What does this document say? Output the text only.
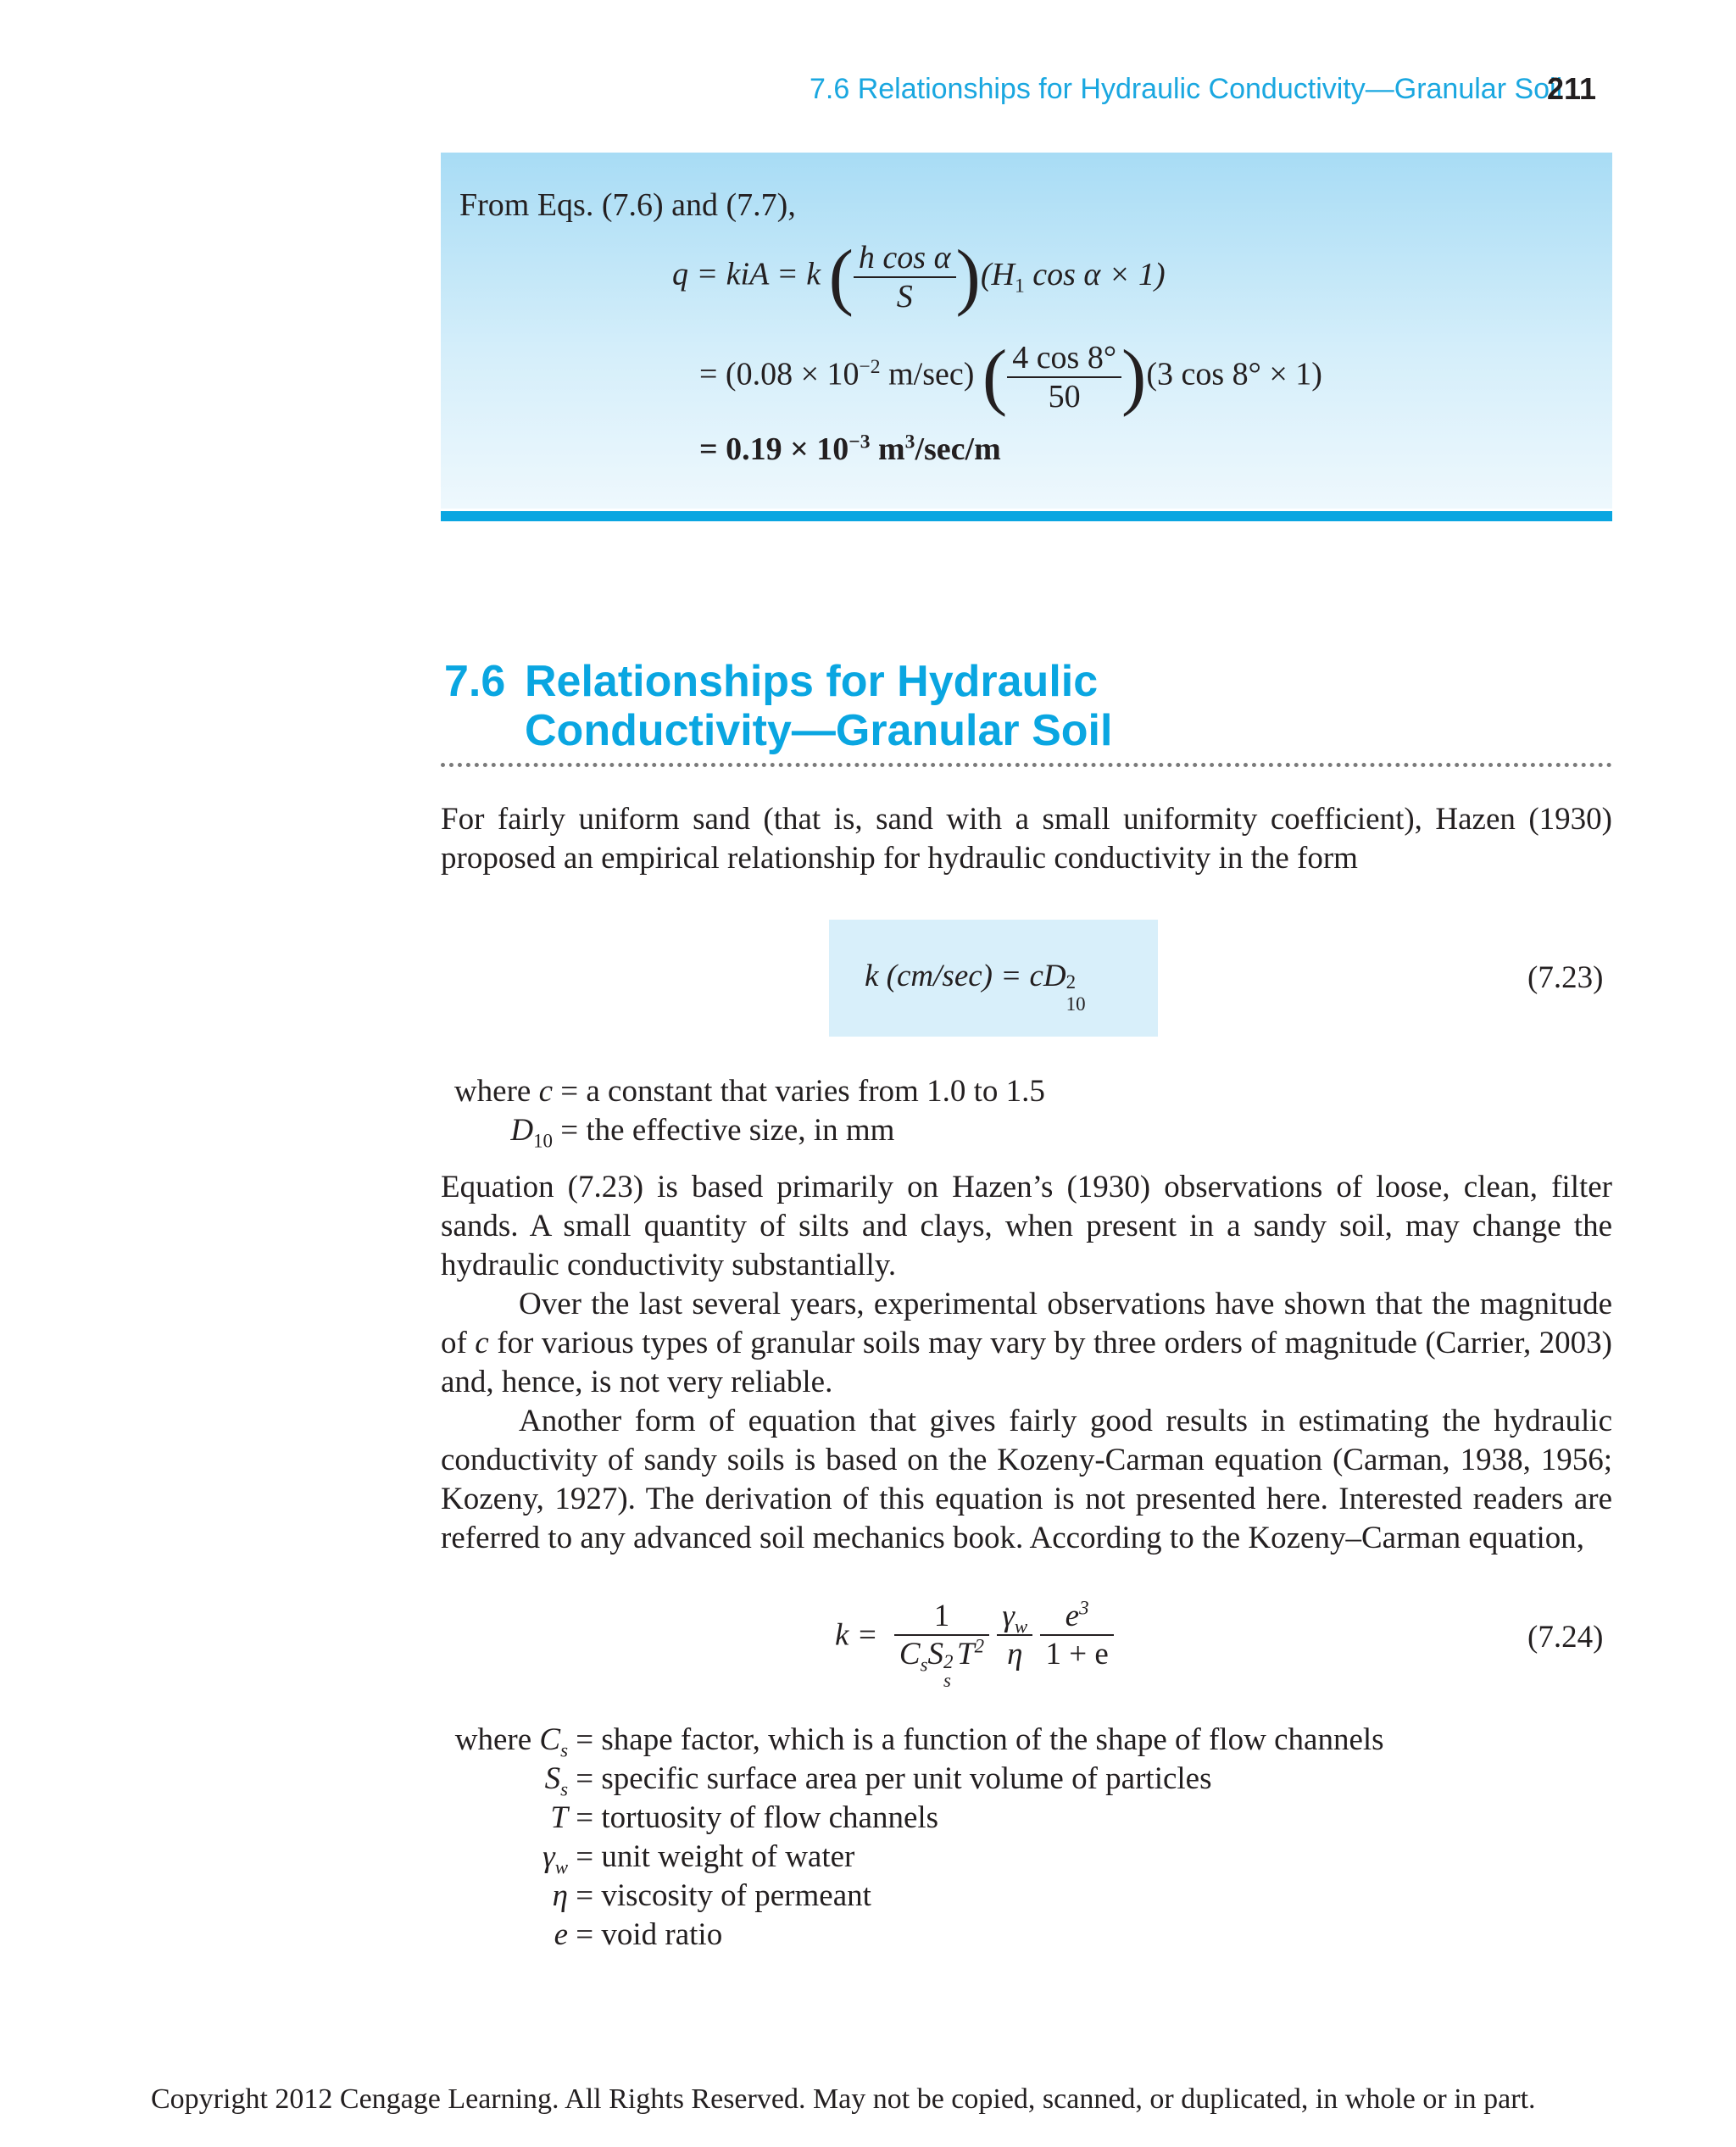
7.6 Relationships for Hydraulic Conductivity—Granular Soil
211
From Eqs. (7.6) and (7.7),
q = kiA = k ( $\frac{\text{h cos α}}{S} )(H_1$ cos α × 1)
= ($0.08 \times 10^{-2}$ m/sec) ( $\frac{4 \cos 8^\circ}{50} )(3$ cos 8° × 1)
= $0.19 \times 10^{-3}$ $m^3/\sec/m$
7.6 Relationships for Hydraulic
Conductivity—Granular Soil
For fairly uniform sand (that is, sand with a small uniformity coefficient), Hazen (1930) proposed an empirical relationship for hydraulic conductivity in the form
k (cm/sec) = cD 2	(7.23)
where c = a constant that varies from 1.0 to 1.5
$D_{10}$ = the effective size, in mm
Equation (7.23) is based primarily on Hazen’s (1930) observations of loose, clean, filter sands. A small quantity of silts and clays, when present in a sandy soil, may change the hydraulic conductivity substantially.
Over the last several years, experimental observations have shown that the magnitude of c for various types of granular soils may vary by three orders of magnitude (Carrier, 2003) and, hence, is not very reliable.
Another form of equation that gives fairly good results in estimating the hydraulic conductivity of sandy soils is based on the Kozeny-Carman equation (Carman, 1938, 1956; Kozeny, 1927). The derivation of this equation is not presented here. Interested readers are referred to any advanced soil mechanics book. According to the Kozeny–Carman equation,
k = 1
$C_sS$ 2
s
$T^2$
$\frac{\gamma_w}{\eta}$
$\frac{e^3}{1 + e}$	(7.24)
where $C_s$ = shape factor, which is a function of the shape of flow channels
$S_s$ = specific surface area per unit volume of particles
T = tortuosity of flow channels
$\gamma_w$ = unit weight of water
η = viscosity of permeant
e = void ratio
Copyright 2012 Cengage Learning. All Rights Reserved. May not be copied, scanned, or duplicated, in whole or in part.
